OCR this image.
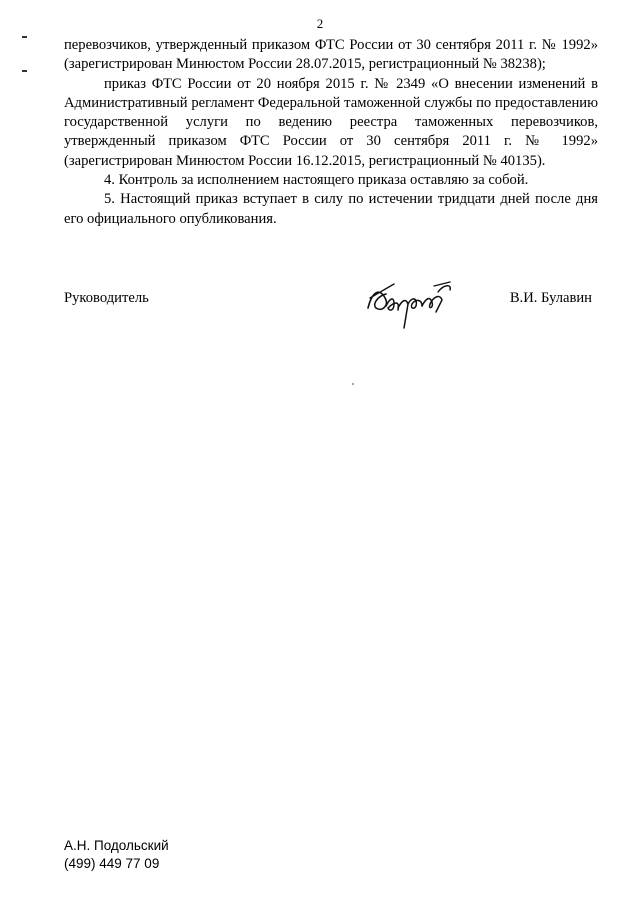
2

перевозчиков, утвержденный приказом ФТС России от 30 сентября 2011 г. № 1992» (зарегистрирован Минюстом России 28.07.2015, регистрационный № 38238);

приказ ФТС России от 20 ноября 2015 г. № 2349 «О внесении изменений в Административный регламент Федеральной таможенной службы по предоставлению государственной услуги по ведению реестра таможенных перевозчиков, утвержденный приказом ФТС России от 30 сентября 2011 г. № 1992» (зарегистрирован Минюстом России 16.12.2015, регистрационный № 40135).

4. Контроль за исполнением настоящего приказа оставляю за собой.

5. Настоящий приказ вступает в силу по истечении тридцати дней после дня его официального опубликования.

Руководитель	В.И. Булавин
А.Н. Подольский
(499) 449 77 09
